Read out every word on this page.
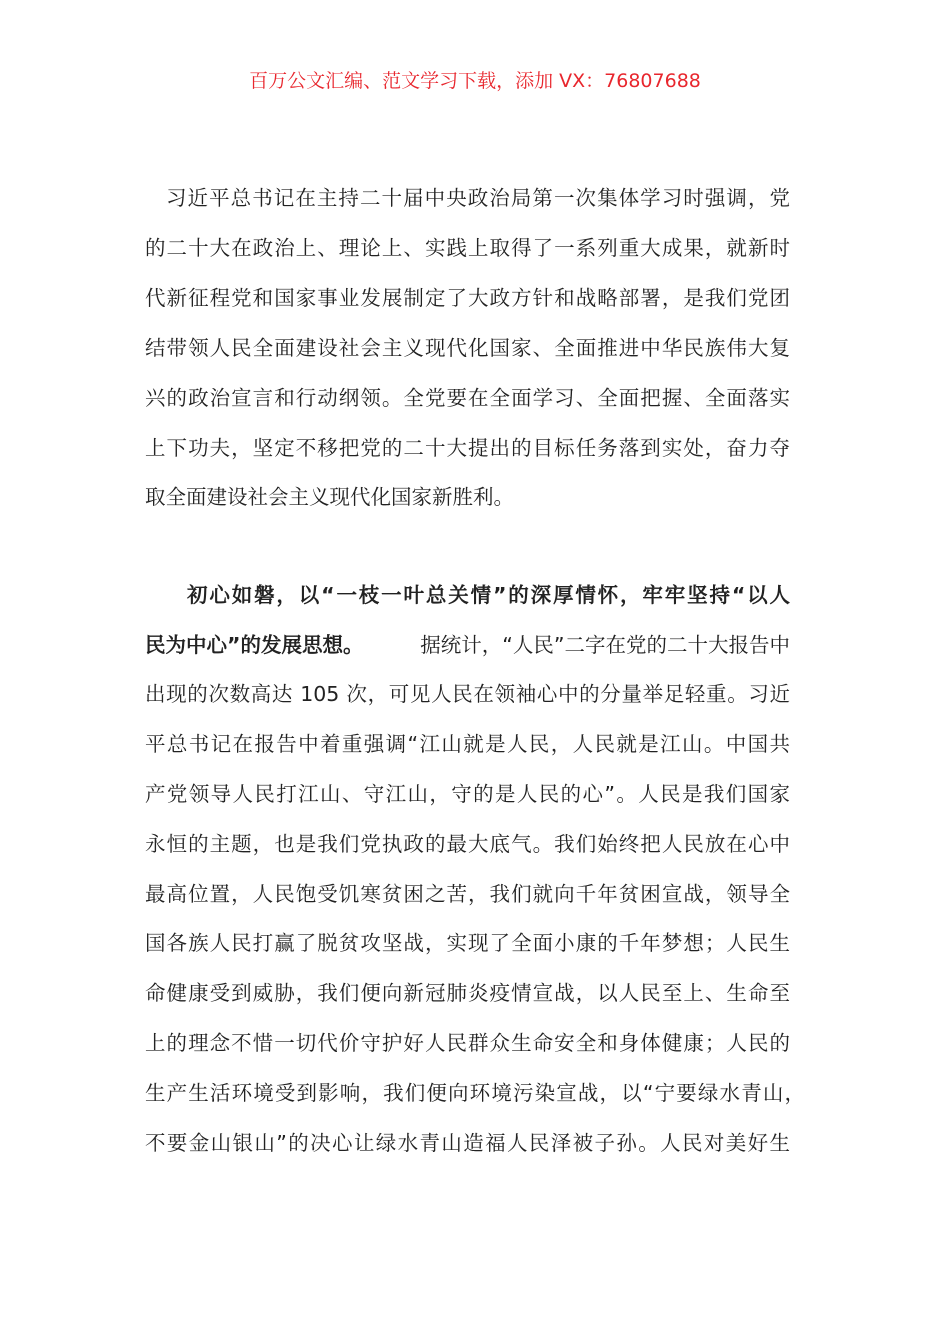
百万公文汇编、范文学习下载，添加 VX：76807688
习近平总书记在主持二十届中央政治局第一次集体学习时强调，党
的二十大在政治上、理论上、实践上取得了一系列重大成果，就新时
代新征程党和国家事业发展制定了大政方针和战略部署，是我们党团
结带领人民全面建设社会主义现代化国家、全面推进中华民族伟大复
兴的政治宣言和行动纲领。全党要在全面学习、全面把握、全面落实
上下功夫，坚定不移把党的二十大提出的目标任务落到实处，奋力夺
取全面建设社会主义现代化国家新胜利。
初心如磐，以“一枝一叶总关情”的深厚情怀，牢牢坚持“以人
民为中心”的发展思想。	据统计，“人民”二字在党的二十大报告中
出现的次数高达 105 次，可见人民在领袖心中的分量举足轻重。习近
平总书记在报告中着重强调“江山就是人民，人民就是江山。中国共
产党领导人民打江山、守江山，守的是人民的心”。人民是我们国家
永恒的主题，也是我们党执政的最大底气。我们始终把人民放在心中
最高位置，人民饱受饥寒贫困之苦，我们就向千年贫困宣战，领导全
国各族人民打赢了脱贫攻坚战，实现了全面小康的千年梦想；人民生
命健康受到威胁，我们便向新冠肺炎疫情宣战，以人民至上、生命至
上的理念不惜一切代价守护好人民群众生命安全和身体健康；人民的
生产生活环境受到影响，我们便向环境污染宣战，以“宁要绿水青山，
不要金山银山”的决心让绿水青山造福人民泽被子孙。人民对美好生
